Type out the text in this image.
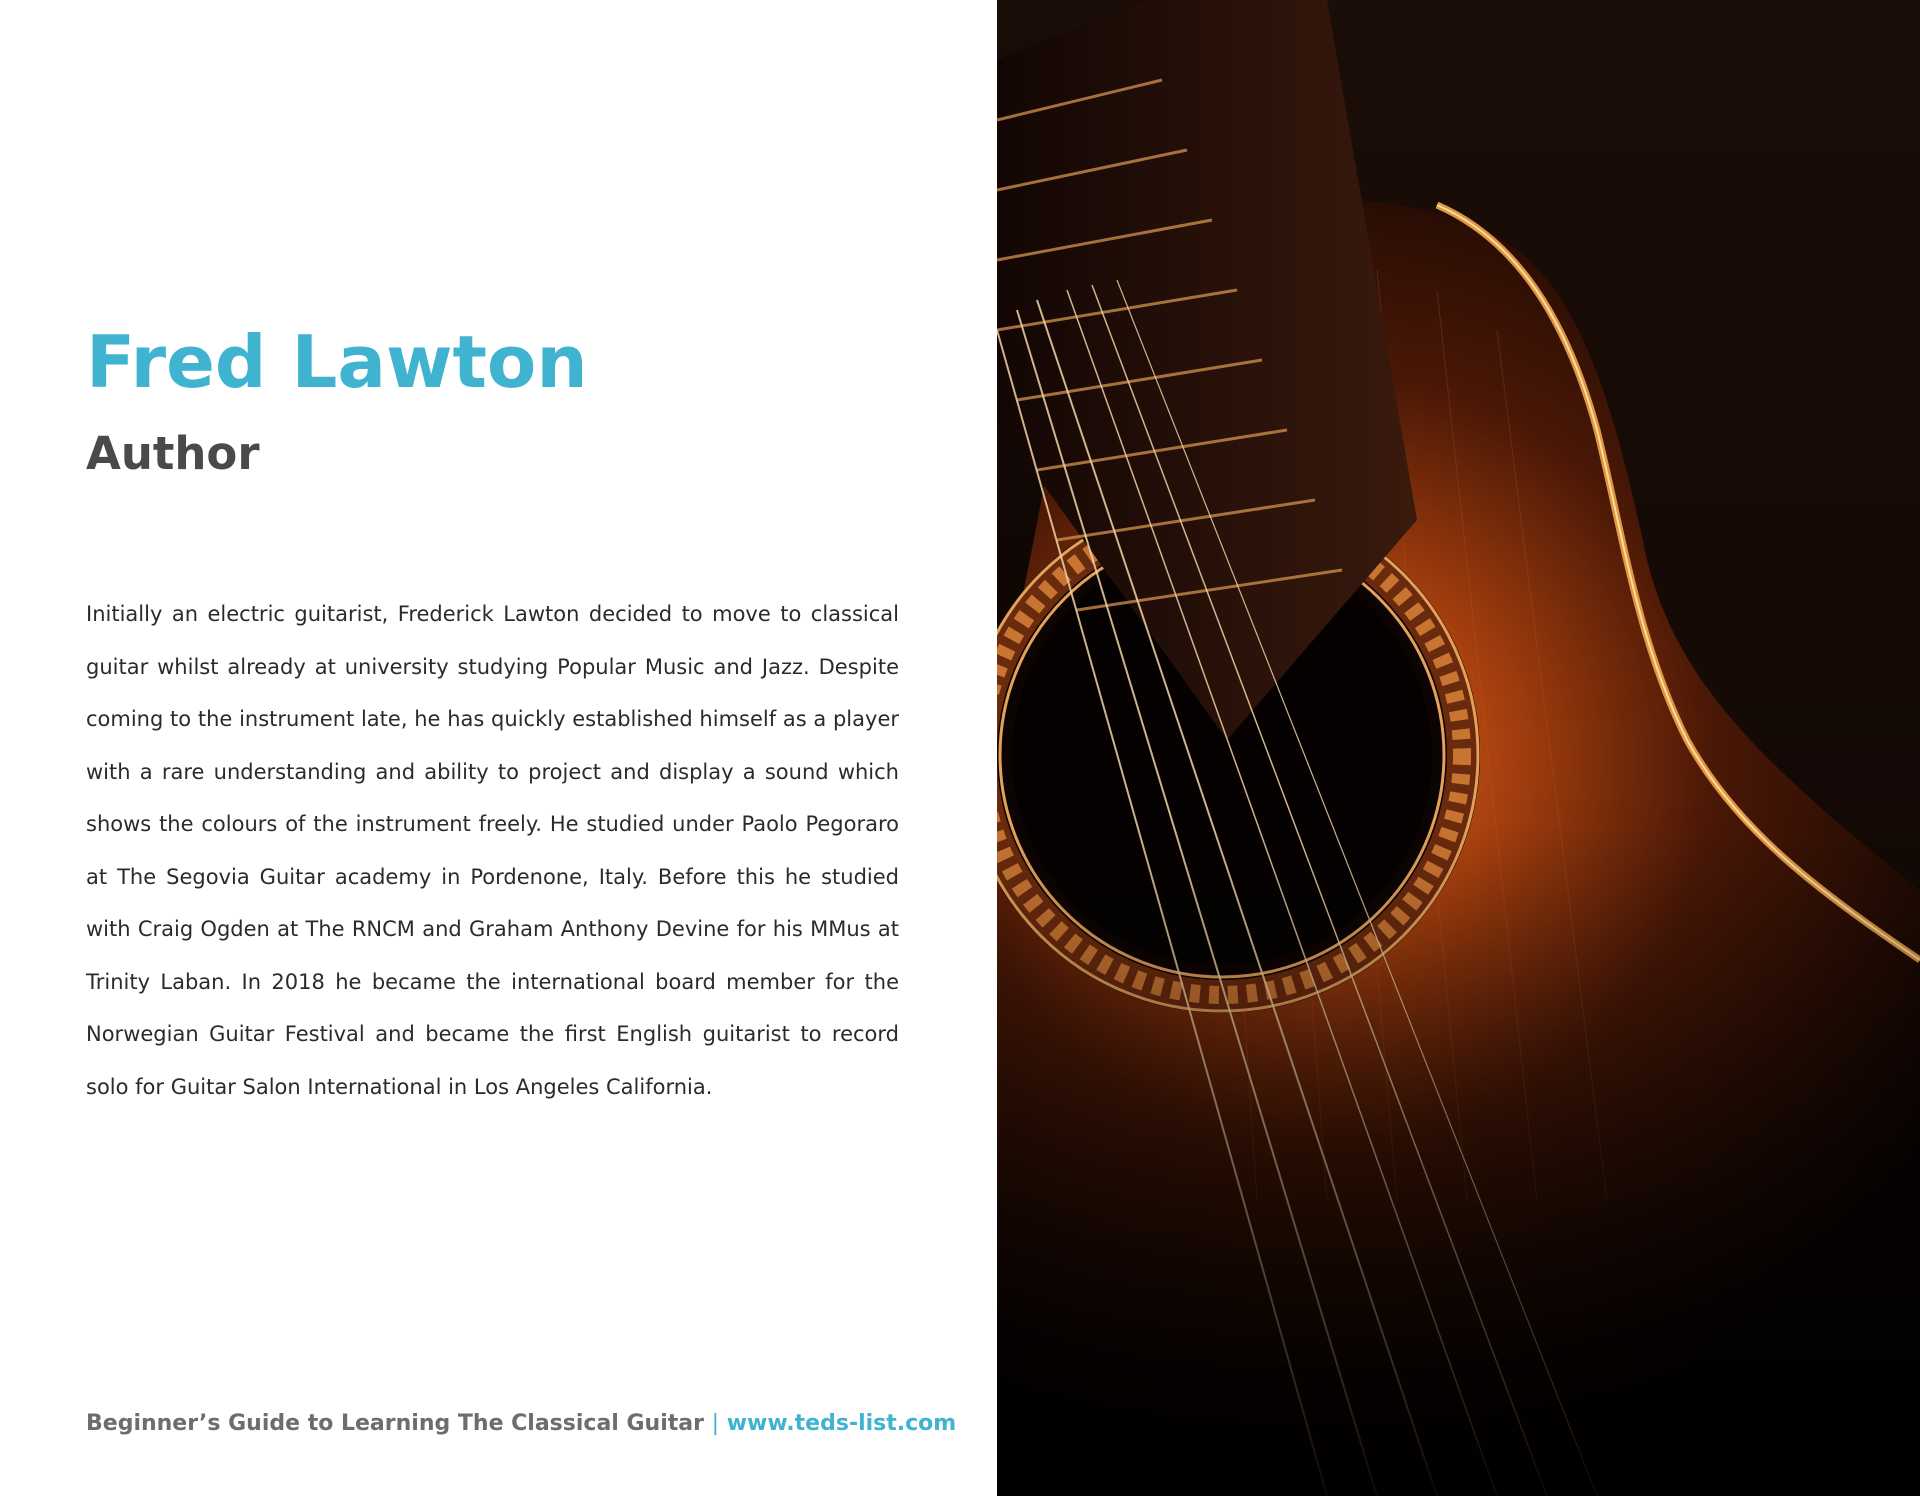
Fred Lawton
Author

Initially an electric guitarist, Frederick Lawton decided to move to classical guitar whilst already at university studying Popular Music and Jazz. Despite coming to the instrument late, he has quickly established himself as a player with a rare understanding and ability to project and display a sound which shows the colours of the instrument freely. He studied under Paolo Pegoraro at The Segovia Guitar academy in Pordenone, Italy. Before this he studied with Craig Ogden at The RNCM and Graham Anthony Devine for his MMus at Trinity Laban. In 2018 he became the international board member for the Norwegian Guitar Festival and became the first English guitarist to record solo for Guitar Salon International in Los Angeles California.

Beginner’s Guide to Learning The Classical Guitar | www.teds-list.com
